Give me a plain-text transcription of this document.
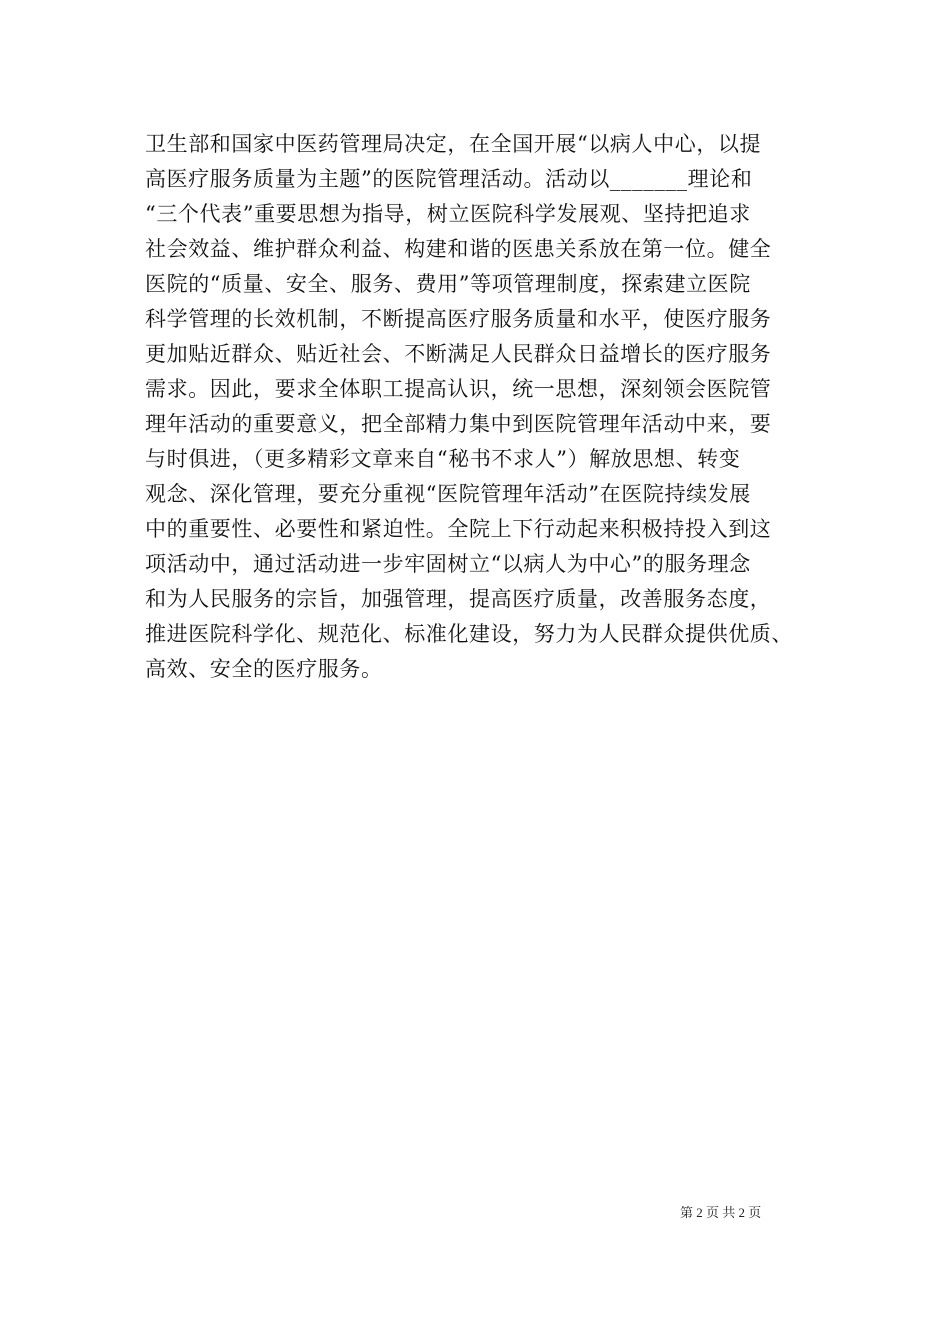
卫生部和国家中医药管理局决定，在全国开展“以病人中心，以提
高医疗服务质量为主题”的医院管理活动。活动以_______理论和
“三个代表”重要思想为指导，树立医院科学发展观、坚持把追求
社会效益、维护群众利益、构建和谐的医患关系放在第一位。健全
医院的“质量、安全、服务、费用”等项管理制度，探索建立医院
科学管理的长效机制，不断提高医疗服务质量和水平，使医疗服务
更加贴近群众、贴近社会、不断满足人民群众日益增长的医疗服务
需求。因此，要求全体职工提高认识，统一思想，深刻领会医院管
理年活动的重要意义，把全部精力集中到医院管理年活动中来，要
与时俱进，（更多精彩文章来自“秘书不求人”）解放思想、转变
观念、深化管理，要充分重视“医院管理年活动”在医院持续发展
中的重要性、必要性和紧迫性。全院上下行动起来积极持投入到这
项活动中，通过活动进一步牢固树立“以病人为中心”的服务理念
和为人民服务的宗旨，加强管理，提高医疗质量，改善服务态度，
推进医院科学化、规范化、标准化建设，努力为人民群众提供优质、
高效、安全的医疗服务。
第 2 页 共 2 页
